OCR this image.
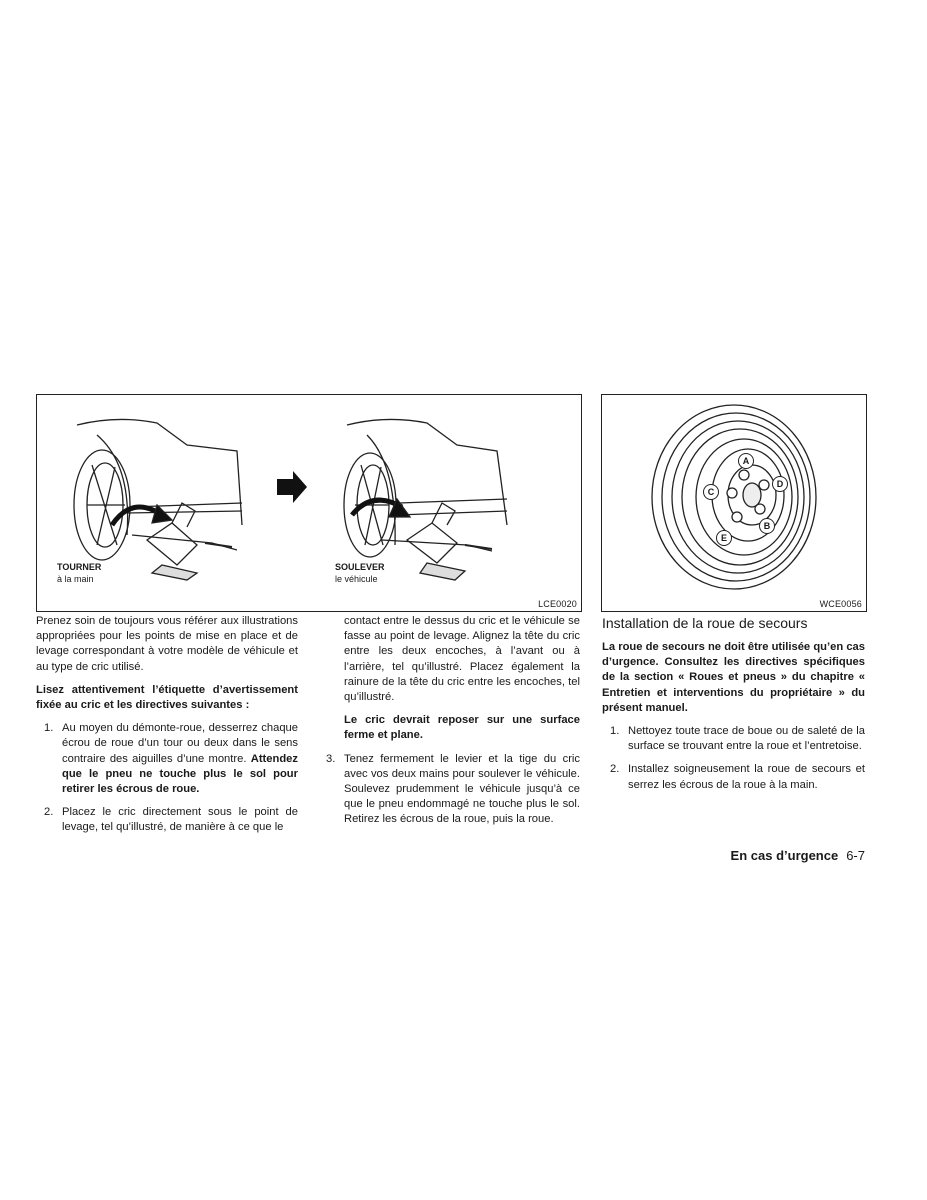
TOURNER
à la main
SOULEVER
le véhicule
LCE0020
A
B
C
D
E
WCE0056

Prenez soin de toujours vous référer aux illustrations appropriées pour les points de mise en place et de levage correspondant à votre modèle de véhicule et au type de cric utilisé.

Lisez attentivement l’étiquette d’avertissement fixée au cric et les directives suivantes :

1. Au moyen du démonte-roue, desserrez chaque écrou de roue d’un tour ou deux dans le sens contraire des aiguilles d’une montre. Attendez que le pneu ne touche plus le sol pour retirer les écrous de roue.
2. Placez le cric directement sous le point de levage, tel qu’illustré, de manière à ce que le

contact entre le dessus du cric et le véhicule se fasse au point de levage. Alignez la tête du cric entre les deux encoches, à l’avant ou à l’arrière, tel qu’illustré. Placez également la rainure de la tête du cric entre les encoches, tel qu’illustré.

Le cric devrait reposer sur une surface ferme et plane.

3. Tenez fermement le levier et la tige du cric avec vos deux mains pour soulever le véhicule. Soulevez prudemment le véhicule jusqu’à ce que le pneu endommagé ne touche plus le sol. Retirez les écrous de la roue, puis la roue.
Installation de la roue de secours

La roue de secours ne doit être utilisée qu’en cas d’urgence. Consultez les directives spécifiques de la section « Roues et pneus » du chapitre « Entretien et interventions du propriétaire » du présent manuel.

1. Nettoyez toute trace de boue ou de saleté de la surface se trouvant entre la roue et l’entretoise.
2. Installez soigneusement la roue de secours et serrez les écrous de la roue à la main.
En cas d’urgence 6-7
